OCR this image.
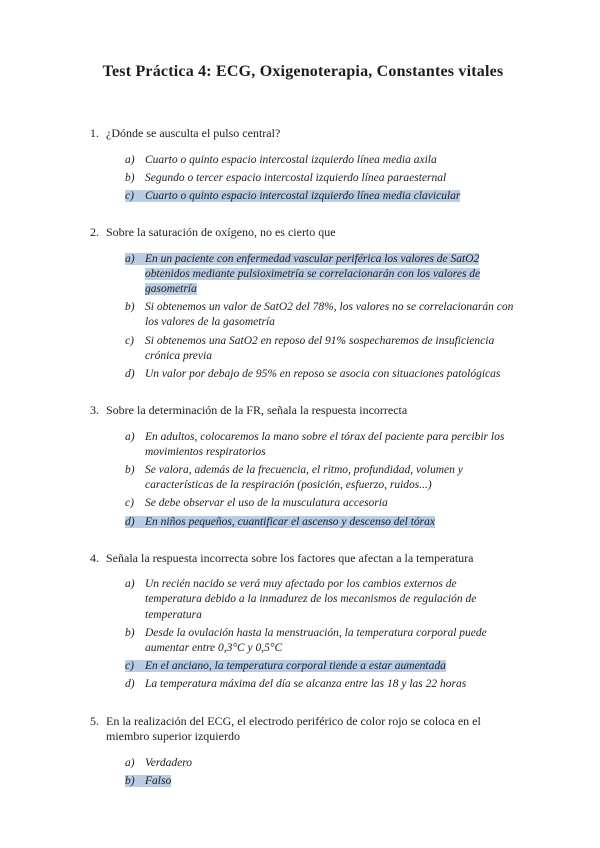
Test Práctica 4: ECG, Oxigenoterapia, Constantes vitales
1. ¿Dónde se ausculta el pulso central?
a) Cuarto o quinto espacio intercostal izquierdo línea media axila
b) Segundo o tercer espacio intercostal izquierdo línea paraesternal
c) Cuarto o quinto espacio intercostal izquierdo línea media clavicular
2. Sobre la saturación de oxígeno, no es cierto que
a) En un paciente con enfermedad vascular periférica los valores de SatO2 obtenidos mediante pulsioximetría se correlacionarán con los valores de gasometría
b) Si obtenemos un valor de SatO2 del 78%, los valores no se correlacionarán con los valores de la gasometría
c) Si obtenemos una SatO2 en reposo del 91% sospecharemos de insuficiencia crónica previa
d) Un valor por debajo de 95% en reposo se asocia con situaciones patológicas
3. Sobre la determinación de la FR, señala la respuesta incorrecta
a) En adultos, colocaremos la mano sobre el tórax del paciente para percibir los movimientos respiratorios
b) Se valora, además de la frecuencia, el ritmo, profundidad, volumen y características de la respiración (posición, esfuerzo, ruidos...)
c) Se debe observar el uso de la musculatura accesoria
d) En niños pequeños, cuantificar el ascenso y descenso del tórax
4. Señala la respuesta incorrecta sobre los factores que afectan a la temperatura
a) Un recién nacido se verá muy afectado por los cambios externos de temperatura debido a la inmadurez de los mecanismos de regulación de temperatura
b) Desde la ovulación hasta la menstruación, la temperatura corporal puede aumentar entre 0,3°C y 0,5°C
c) En el anciano, la temperatura corporal tiende a estar aumentada
d) La temperatura máxima del día se alcanza entre las 18 y las 22 horas
5. En la realización del ECG, el electrodo periférico de color rojo se coloca en el miembro superior izquierdo
a) Verdadero
b) Falso
